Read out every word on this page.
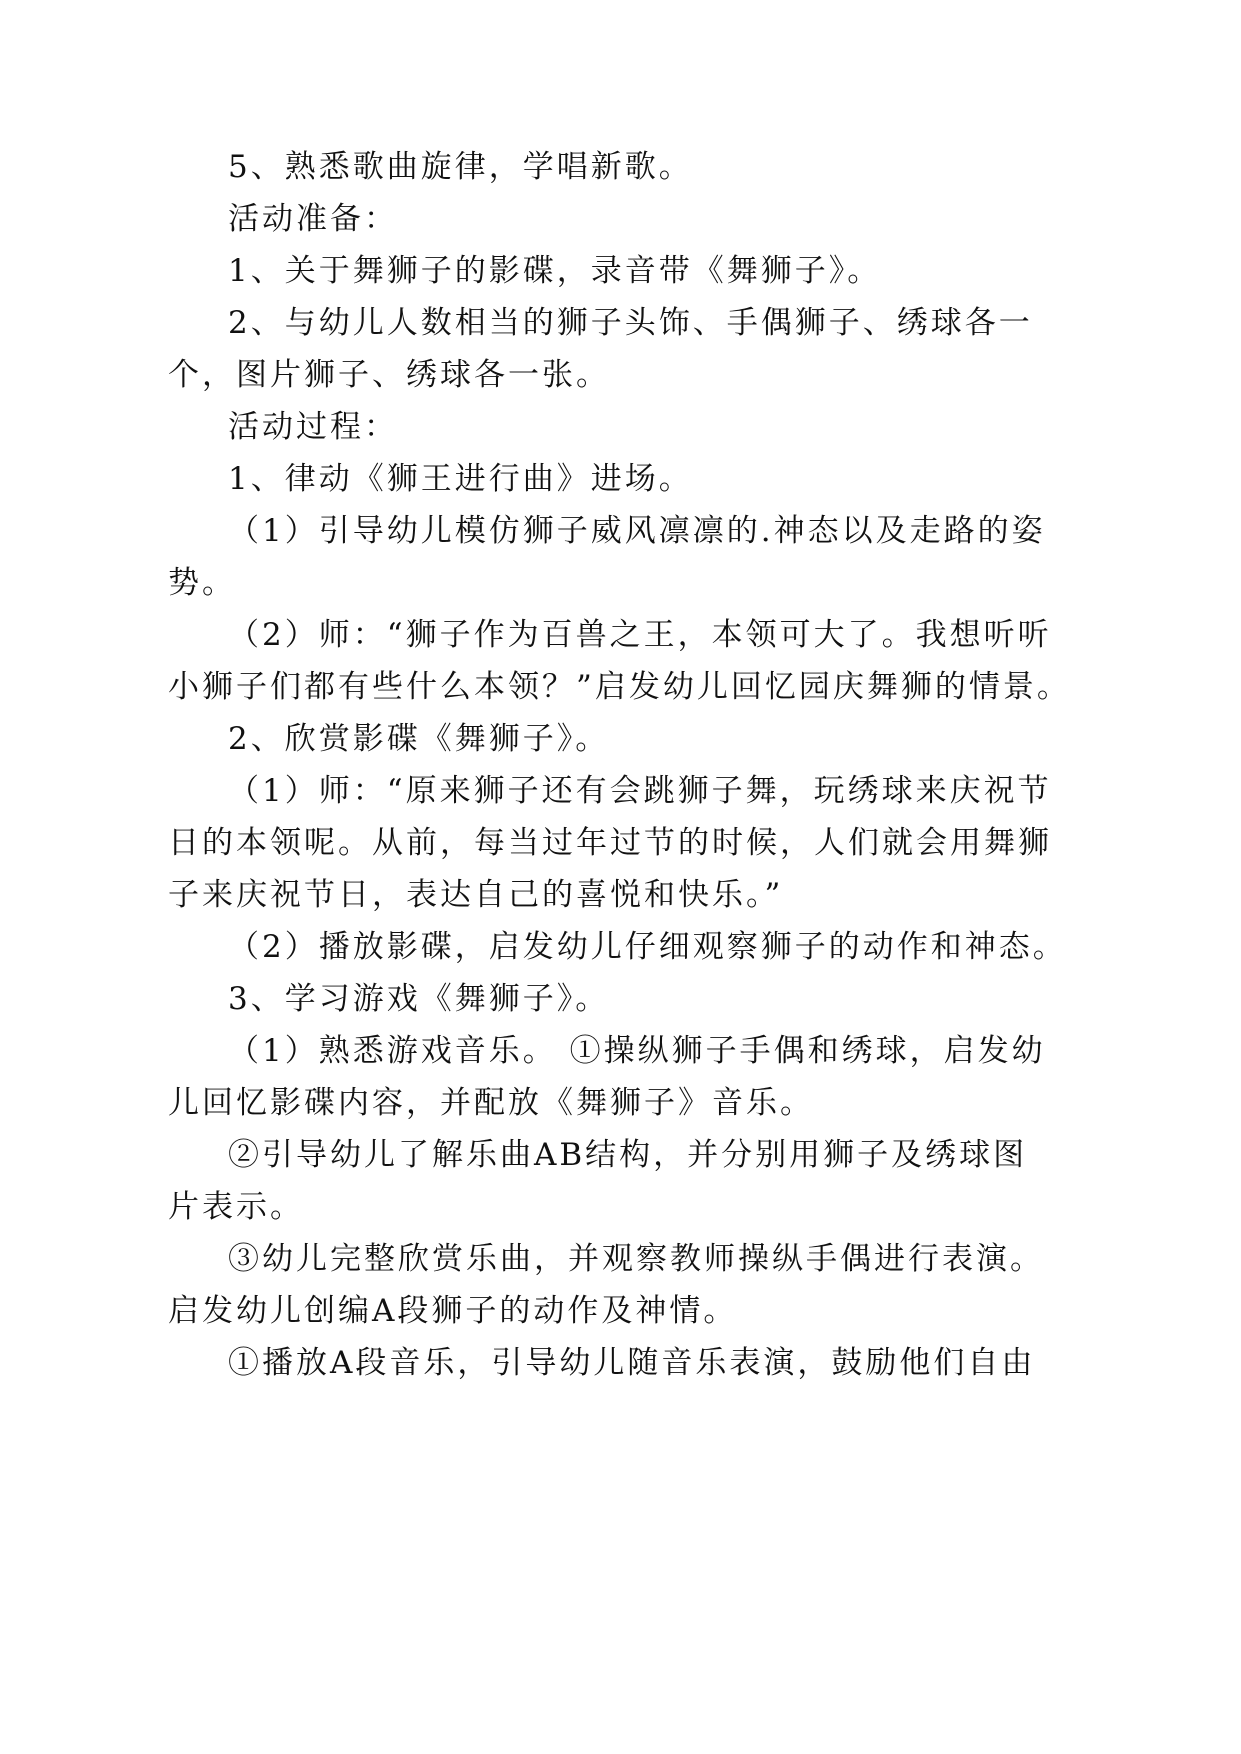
5、熟悉歌曲旋律，学唱新歌。
活动准备：
1、关于舞狮子的影碟，录音带《舞狮子》。
2、与幼儿人数相当的狮子头饰、手偶狮子、绣球各一
个，图片狮子、绣球各一张。
活动过程：
1、律动《狮王进行曲》进场。
（1）引导幼儿模仿狮子威风凛凛的.神态以及走路的姿
势。
（2）师：“狮子作为百兽之王，本领可大了。我想听听
小狮子们都有些什么本领？”启发幼儿回忆园庆舞狮的情景。
2、欣赏影碟《舞狮子》。
（1）师：“原来狮子还有会跳狮子舞，玩绣球来庆祝节
日的本领呢。从前，每当过年过节的时候，人们就会用舞狮
子来庆祝节日，表达自己的喜悦和快乐。”
（2）播放影碟，启发幼儿仔细观察狮子的动作和神态。
3、学习游戏《舞狮子》。
（1）熟悉游戏音乐。 ①操纵狮子手偶和绣球，启发幼
儿回忆影碟内容，并配放《舞狮子》音乐。
②引导幼儿了解乐曲AB结构，并分别用狮子及绣球图
片表示。
③幼儿完整欣赏乐曲，并观察教师操纵手偶进行表演。
启发幼儿创编A段狮子的动作及神情。
①播放A段音乐，引导幼儿随音乐表演，鼓励他们自由
